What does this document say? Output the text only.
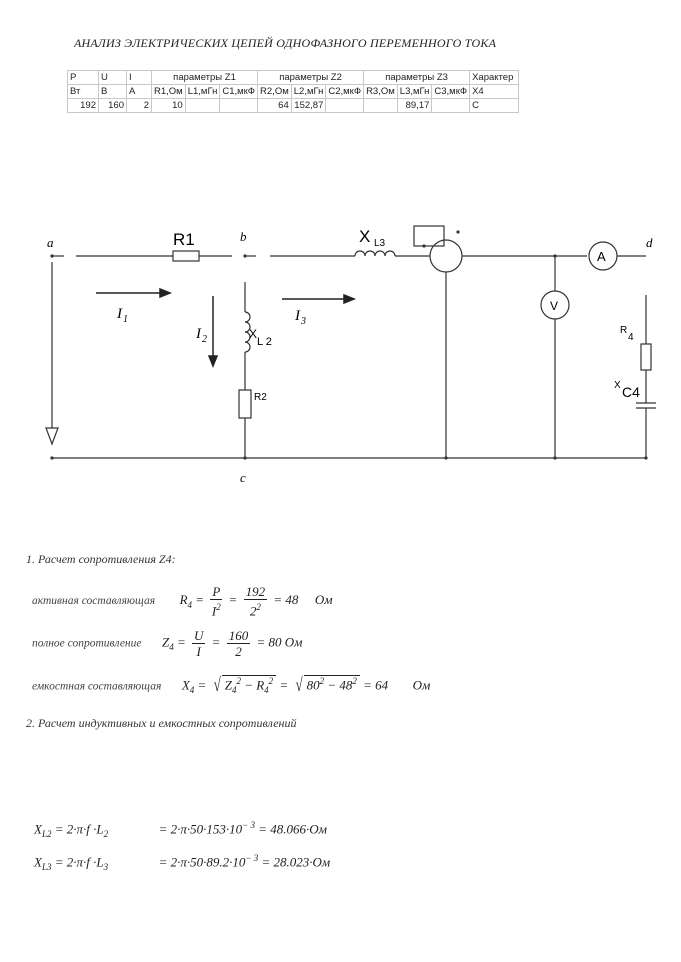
АНАЛИЗ ЭЛЕКТРИЧЕСКИХ ЦЕПЕЙ ОДНОФАЗНОГО ПЕРЕМЕННОГО ТОКА
P	U	I	параметры Z1			параметры Z2			параметры Z3			Характер
Вт	В	А	R1,Ом	L1,мГн	С1,мкФ	R2,Ом	L2,мГн	С2,мкФ	R3,Ом	L3,мГн	С3,мкФ	Х4
192	160	2	10			64	152,87			89,17		С
a	b
c
d
R1	X L3
I 1
I 2
I 3
X
L 2
R2
A
V
R
4
X C4
1. Расчет сопротивления Z4:
активная составляющая $R_4 = \frac{P}{I^2} = \frac{192}{2^2} = 48$ Ом
полное сопротивление $Z_4 = \frac{U}{I} = \frac{160}{2} = 80$ Ом
емкостная составляющая $X_4$ = √ $Z_4^2 - R_4^2$ = √ $80^2 - 48^2 = 64$ Ом
2. Расчет индуктивных и емкостных сопротивлений
$X_{L2} = 2\cdot\pi\cdot f \cdot L_2$	= $2\cdot\pi\cdot 50\cdot 153\cdot 10^{- 3} = 48.066\cdot Ом$
$X_{L3} = 2\cdot\pi\cdot f \cdot L_3$	= $2\cdot\pi\cdot 50\cdot 89.2\cdot 10^{- 3} = 28.023\cdot Ом$
